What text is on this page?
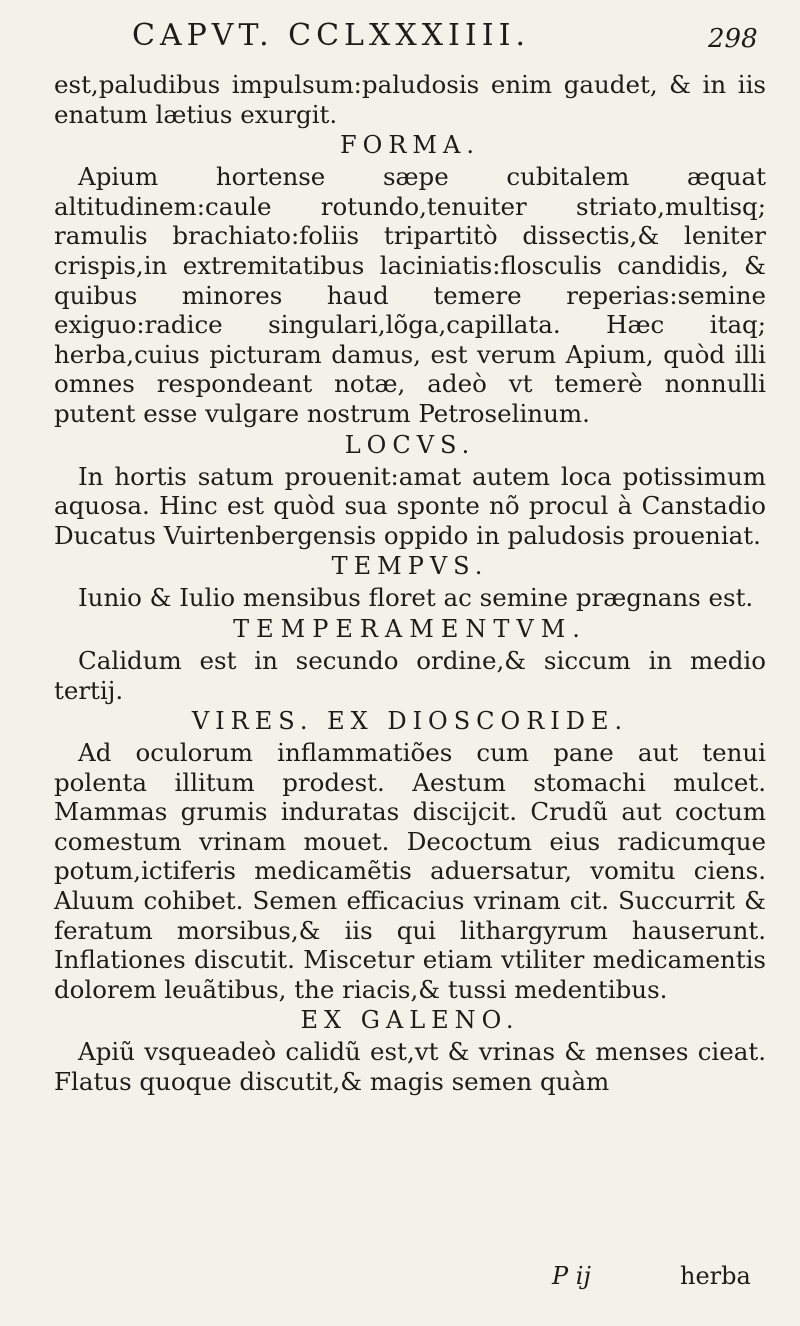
CAPVT. CCLXXXIIII.	298

est,paludibus impulsum:paludosis enim gaudet, & in iis enatum lætius exurgit.

FORMA.

Apium hortense sæpe cubitalem æquat altitudinem:caule rotundo,tenuiter striato,multisq; ramulis brachiato:foliis tripartitò dissectis,& leniter crispis,in extremitatibus laciniatis:flosculis candidis, & quibus minores haud temere reperias:semine exiguo:radice singulari,lõga,capillata. Hæc itaq; herba,cuius picturam damus, est verum Apium, quòd illi omnes respondeant notæ, adeò vt temerè nonnulli putent esse vulgare nostrum Petroselinum.

LOCVS.

In hortis satum prouenit:amat autem loca potissimum aquosa. Hinc est quòd sua sponte nõ procul à Canstadio Ducatus Vuirtenbergensis oppido in paludosis proueniat.

TEMPVS.

Iunio & Iulio mensibus floret ac semine prægnans est.

TEMPERAMENTVM.

Calidum est in secundo ordine,& siccum in medio tertij.

VIRES. EX DIOSCORIDE.

Ad oculorum inflammatiões cum pane aut tenui polenta illitum prodest. Aestum stomachi mulcet. Mammas grumis induratas discijcit. Crudũ aut coctum comestum vrinam mouet. Decoctum eius radicumque potum,ictiferis medicamẽtis aduersatur, vomitu ciens. Aluum cohibet. Semen efficacius vrinam cit. Succurrit & feratum morsibus,& iis qui lithargyrum hauserunt. Inflationes discutit. Miscetur etiam vtiliter medicamentis dolorem leuãtibus, the riacis,& tussi medentibus.

EX GALENO.

Apiũ vsqueadeò calidũ est,vt & vrinas & menses cieat. Flatus quoque discutit,& magis semen quàm

P ij	herba
